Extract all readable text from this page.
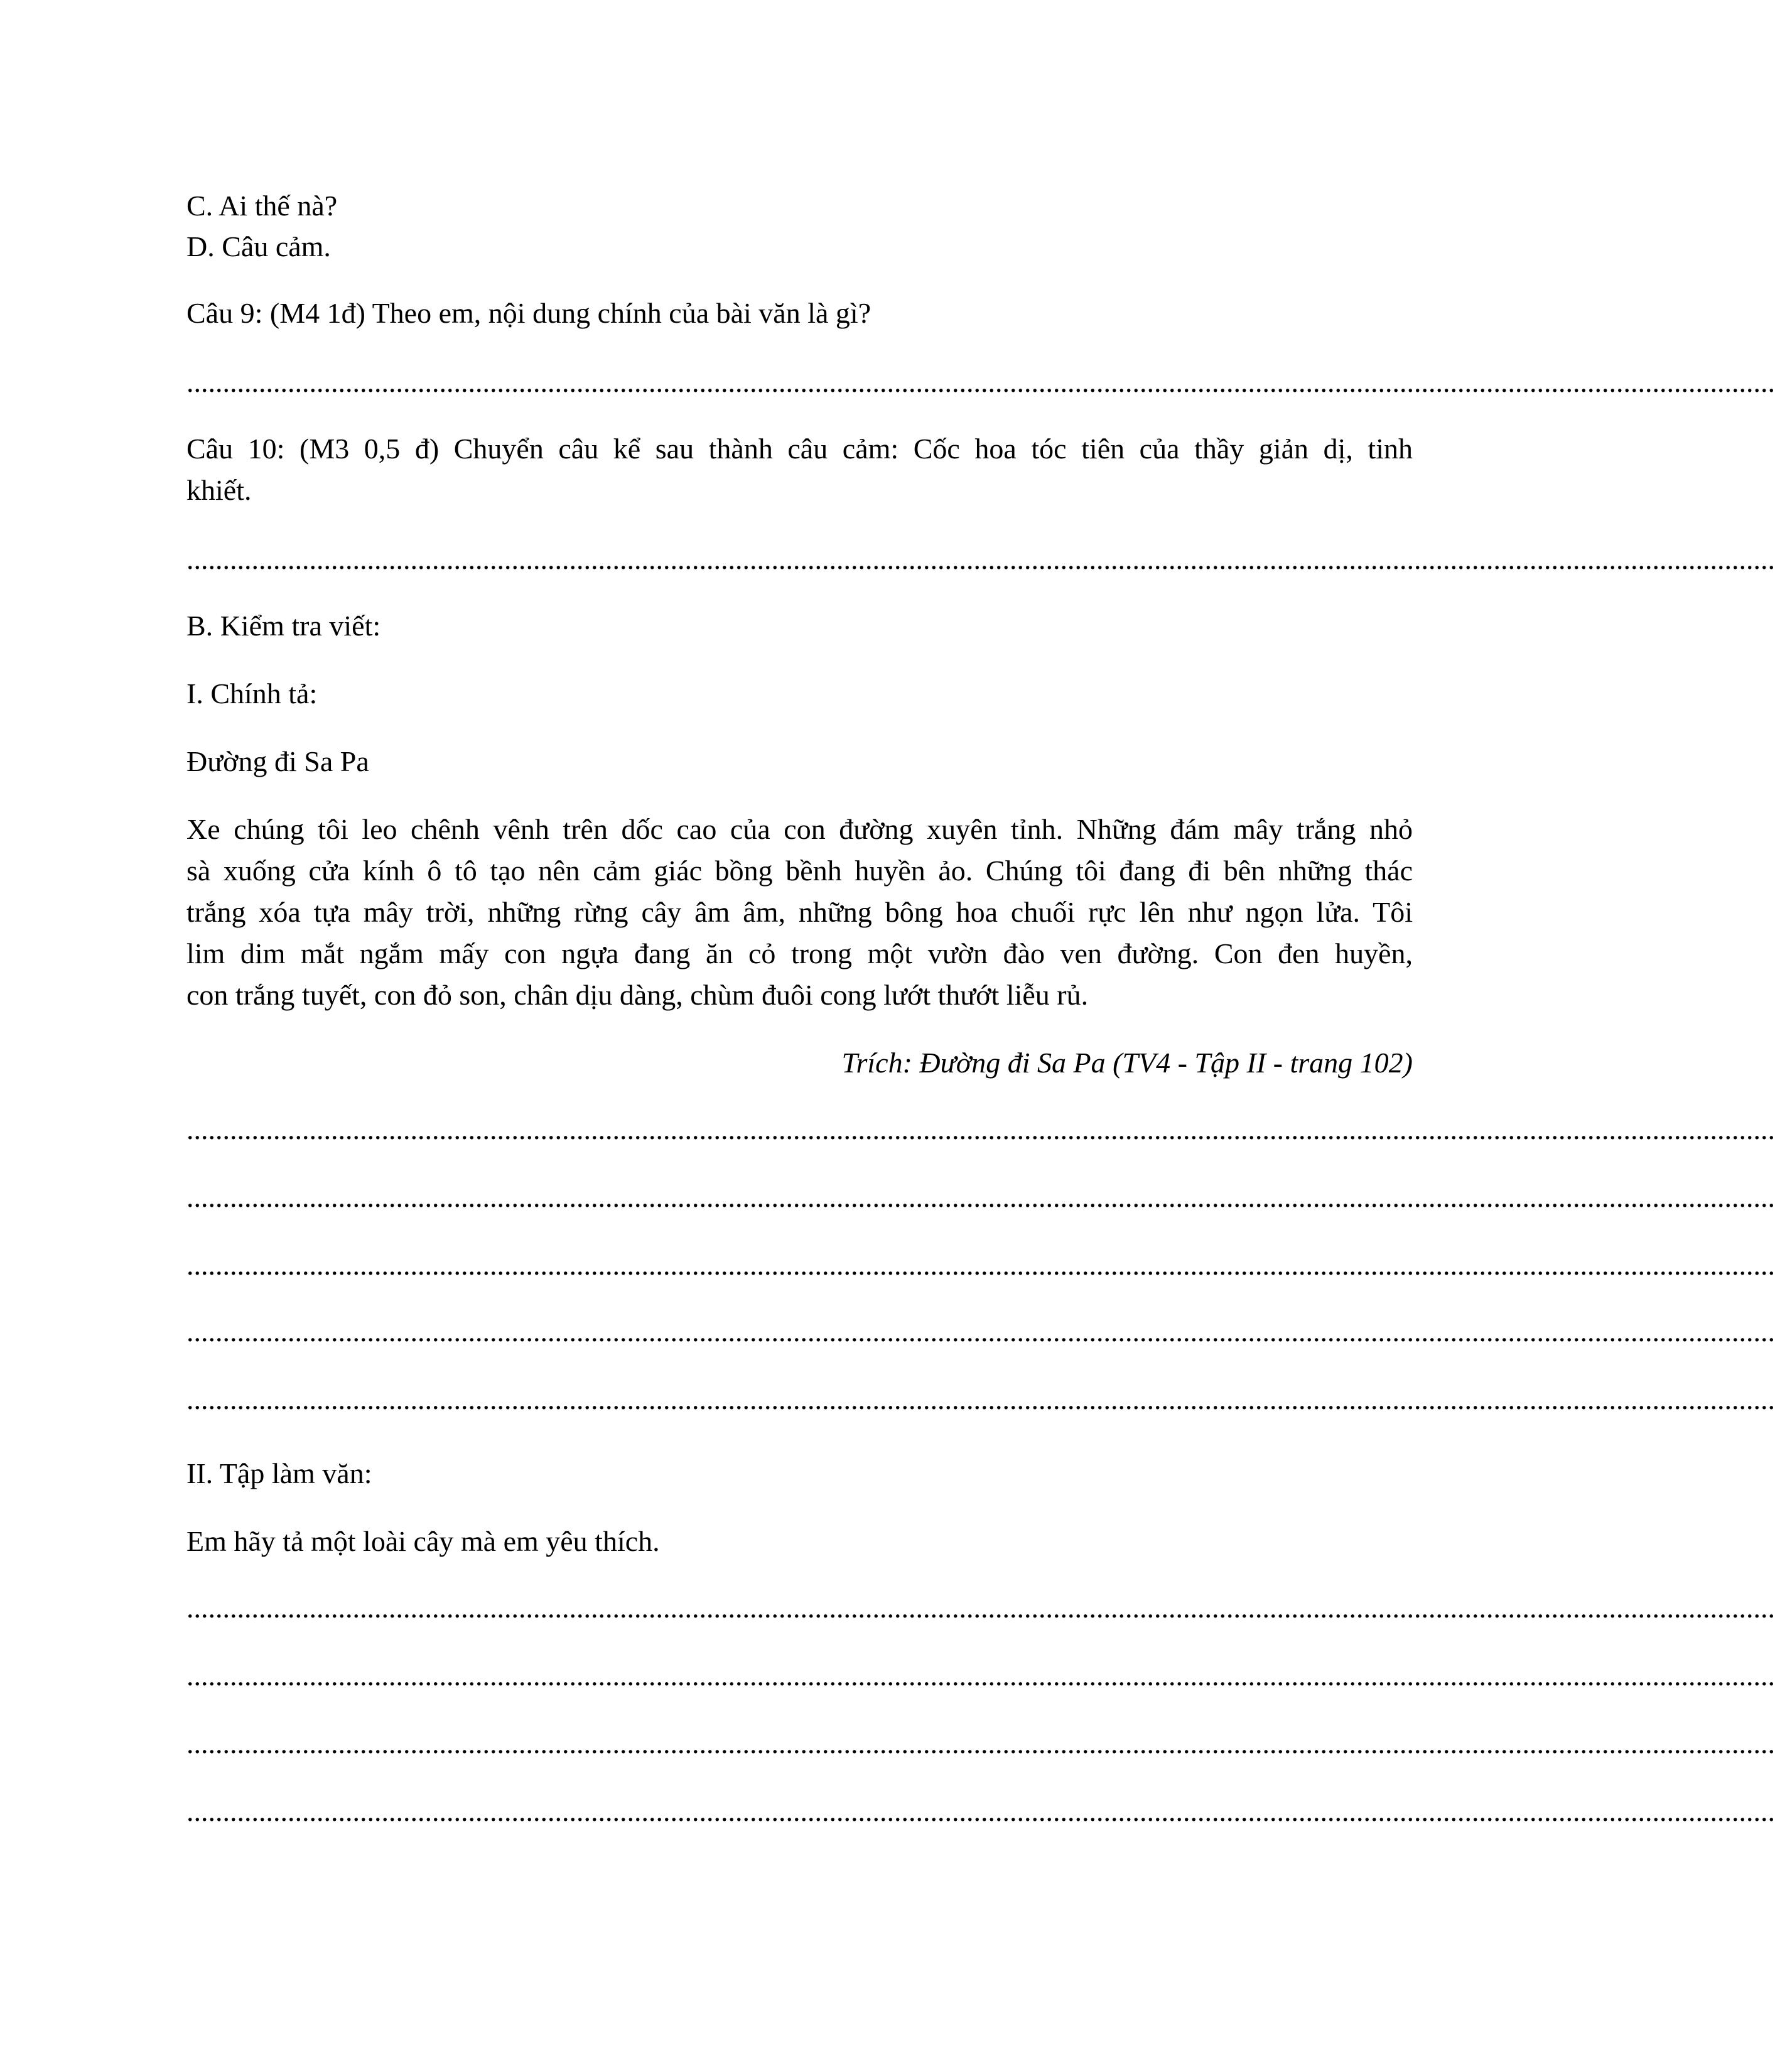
C. Ai thế nà?
D. Câu cảm.
Câu 9: (M4 1đ) Theo em, nội dung chính của bài văn là gì?
............................................................................................................................................................................................................................
Câu 10: (M3 0,5 đ) Chuyển câu kể sau thành câu cảm: Cốc hoa tóc tiên của thầy giản dị, tinh
khiết.
............................................................................................................................................................................................................................
B. Kiểm tra viết:
I. Chính tả:
Đường đi Sa Pa
Xe chúng tôi leo chênh vênh trên dốc cao của con đường xuyên tỉnh. Những đám mây trắng nhỏ
sà xuống cửa kính ô tô tạo nên cảm giác bồng bềnh huyền ảo. Chúng tôi đang đi bên những thác
trắng xóa tựa mây trời, những rừng cây âm âm, những bông hoa chuối rực lên như ngọn lửa. Tôi
lim dim mắt ngắm mấy con ngựa đang ăn cỏ trong một vườn đào ven đường. Con đen huyền,
con trắng tuyết, con đỏ son, chân dịu dàng, chùm đuôi cong lướt thướt liễu rủ.
Trích: Đường đi Sa Pa (TV4 - Tập II - trang 102)
............................................................................................................................................................................................................................
............................................................................................................................................................................................................................
............................................................................................................................................................................................................................
............................................................................................................................................................................................................................
............................................................................................................................................................................................................................
II. Tập làm văn:
Em hãy tả một loài cây mà em yêu thích.
............................................................................................................................................................................................................................
............................................................................................................................................................................................................................
............................................................................................................................................................................................................................
............................................................................................................................................................................................................................
